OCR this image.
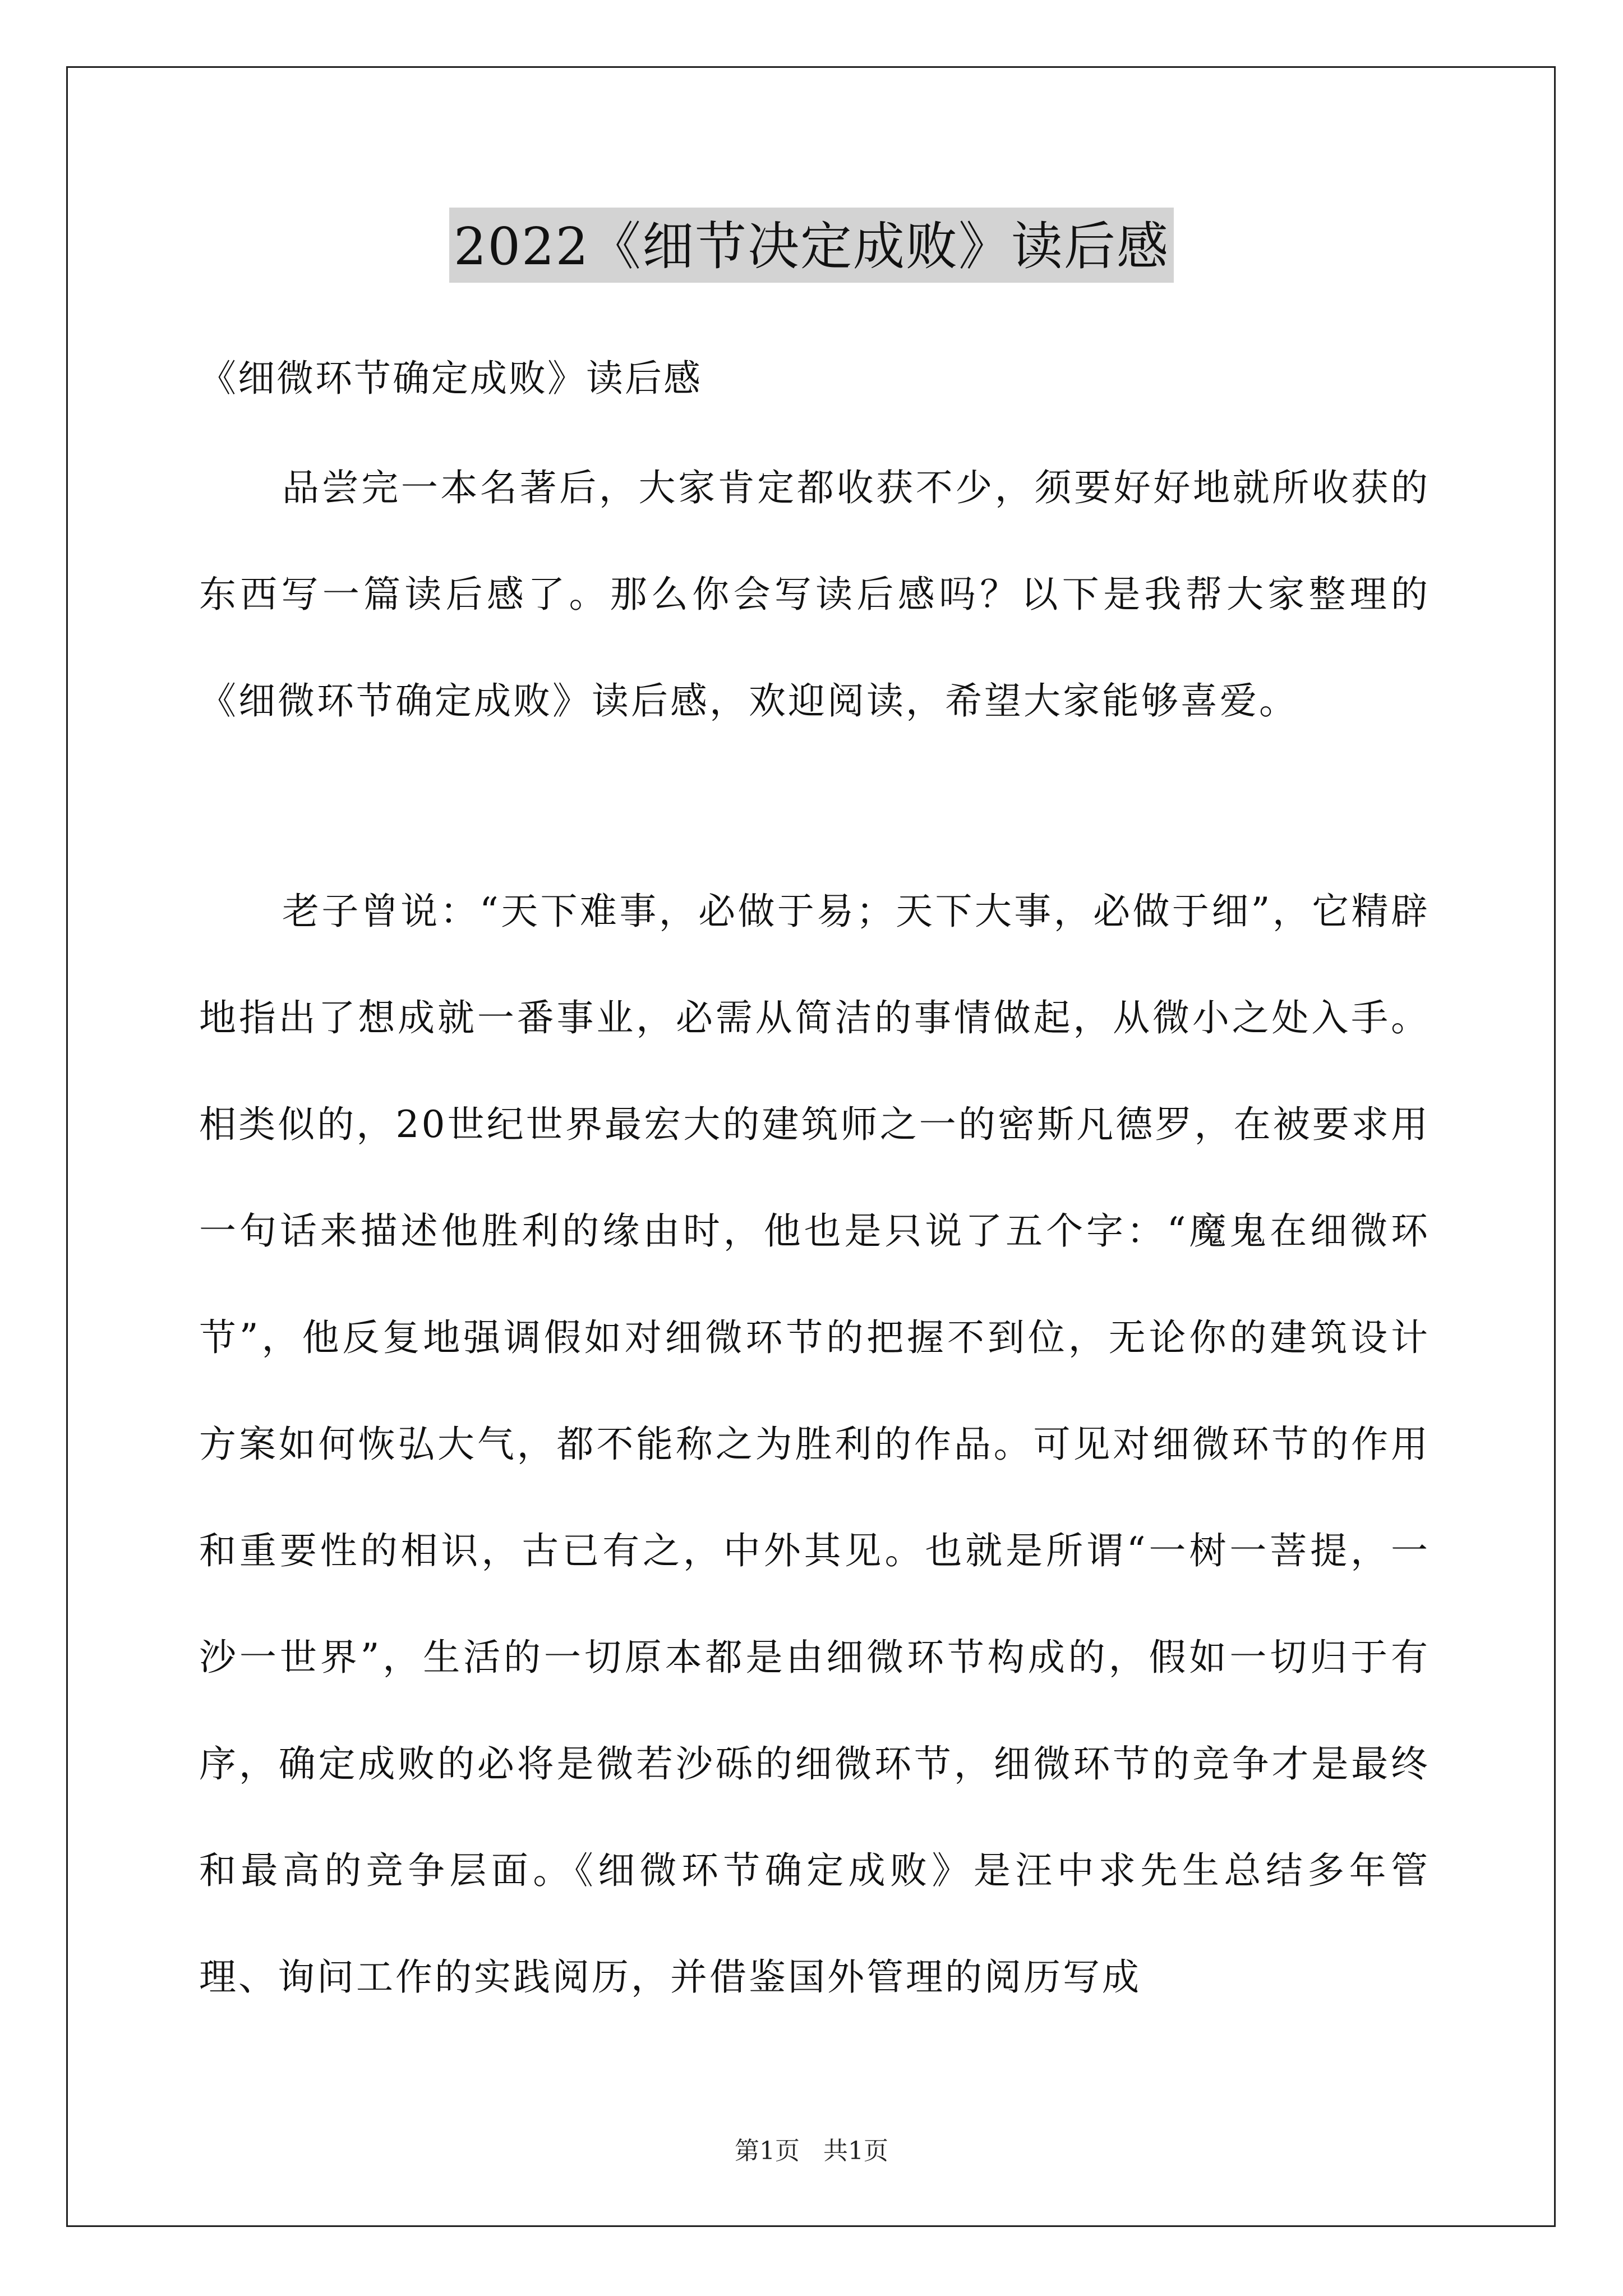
2022《细节决定成败》读后感
《细微环节确定成败》读后感

品尝完一本名著后，大家肯定都收获不少，须要好好地就所收获的东西写一篇读后感了。那么你会写读后感吗？以下是我帮大家整理的《细微环节确定成败》读后感，欢迎阅读，希望大家能够喜爱。

老子曾说：“天下难事，必做于易；天下大事，必做于细”，它精辟地指出了想成就一番事业，必需从简洁的事情做起，从微小之处入手。相类似的，20世纪世界最宏大的建筑师之一的密斯凡德罗，在被要求用一句话来描述他胜利的缘由时，他也是只说了五个字：“魔鬼在细微环节”，他反复地强调假如对细微环节的把握不到位，无论你的建筑设计方案如何恢弘大气，都不能称之为胜利的作品。可见对细微环节的作用和重要性的相识，古已有之，中外其见。也就是所谓“一树一菩提，一沙一世界”，生活的一切原本都是由细微环节构成的，假如一切归于有序，确定成败的必将是微若沙砾的细微环节，细微环节的竞争才是最终和最高的竞争层面。《细微环节确定成败》是汪中求先生总结多年管理、询问工作的实践阅历，并借鉴国外管理的阅历写成

第1页   共1页
